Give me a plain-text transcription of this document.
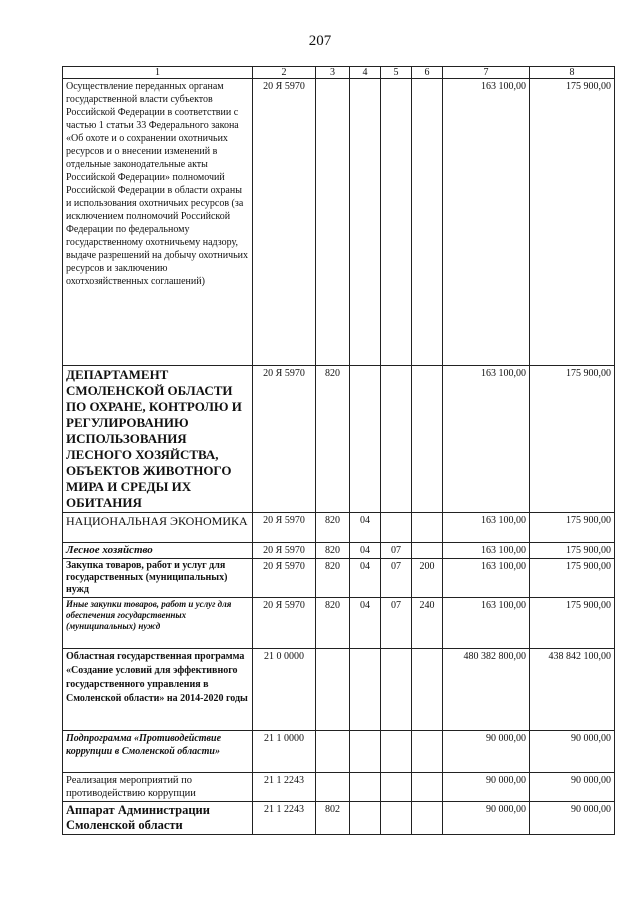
207
1	2	3	4	5	6	7	8
Осуществление переданных органам государственной власти субъектов Российской Федерации в соответствии с частью 1 статьи 33 Федерального закона «Об охоте и о сохранении охотничьих ресурсов и о внесении изменений в отдельные законодательные акты Российской Федерации» полномочий Российской Федерации в области охраны и использования охотничьих ресурсов (за исключением полномочий Российской Федерации по федеральному государственному охотничьему надзору, выдаче разрешений на добычу охотничьих ресурсов и заключению охотхозяйственных соглашений)	20 Я 5970					163 100,00	175 900,00
ДЕПАРТАМЕНТ СМОЛЕНСКОЙ ОБЛАСТИ ПО ОХРАНЕ, КОНТРОЛЮ И РЕГУЛИРОВАНИЮ ИСПОЛЬЗОВАНИЯ ЛЕСНОГО ХОЗЯЙСТВА, ОБЪЕКТОВ ЖИВОТНОГО МИРА И СРЕДЫ ИХ ОБИТАНИЯ	20 Я 5970	820				163 100,00	175 900,00
НАЦИОНАЛЬНАЯ ЭКОНОМИКА	20 Я 5970	820	04			163 100,00	175 900,00
Лесное хозяйство	20 Я 5970	820	04	07		163 100,00	175 900,00
Закупка товаров, работ и услуг для государственных (муниципальных) нужд	20 Я 5970	820	04	07	200	163 100,00	175 900,00
Иные закупки товаров, работ и услуг для обеспечения государственных (муниципальных) нужд	20 Я 5970	820	04	07	240	163 100,00	175 900,00
Областная государственная программа «Создание условий для эффективного государственного управления в Смоленской области» на 2014-2020 годы	21 0 0000					480 382 800,00	438 842 100,00
Подпрограмма «Противодействие коррупции в Смоленской области»	21 1 0000					90 000,00	90 000,00
Реализация мероприятий по противодействию коррупции	21 1 2243					90 000,00	90 000,00
Аппарат Администрации Смоленской области	21 1 2243	802				90 000,00	90 000,00
